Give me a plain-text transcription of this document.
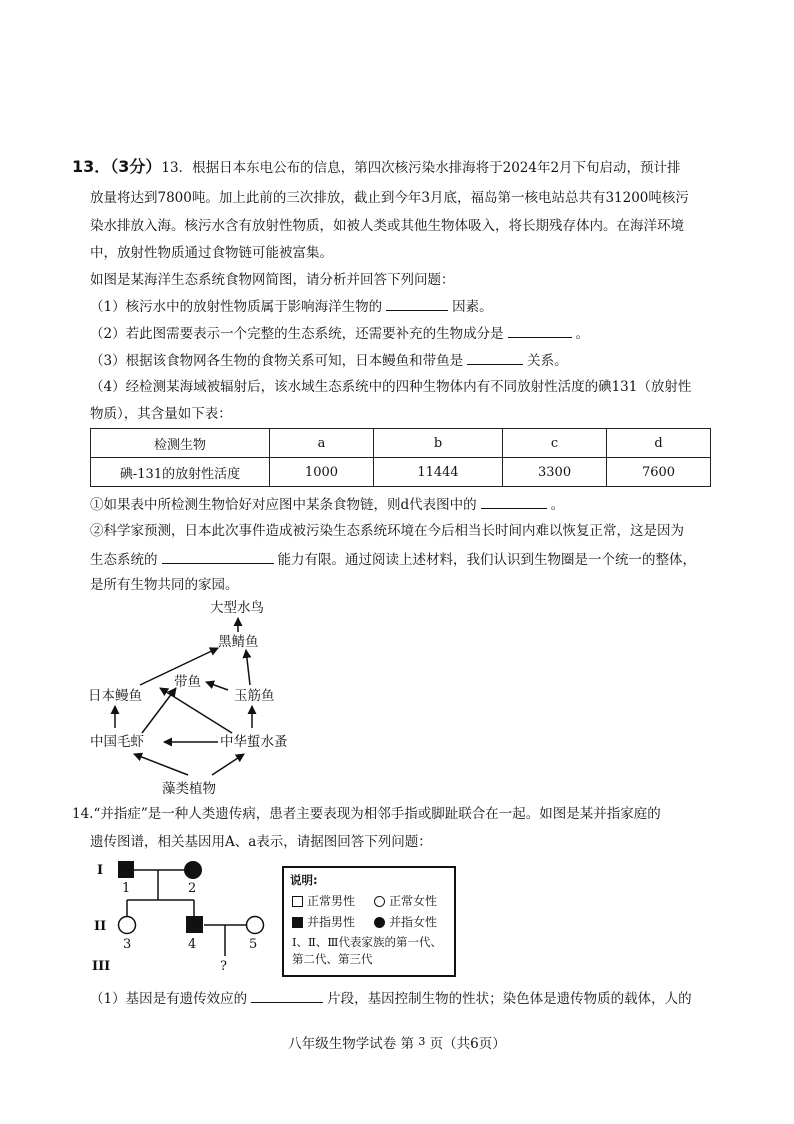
13．（3分）13．根据日本东电公布的信息，第四次核污染水排海将于2024年2月下旬启动，预计排
放量将达到7800吨。加上此前的三次排放，截止到今年3月底，福岛第一核电站总共有31200吨核污
染水排放入海。核污水含有放射性物质，如被人类或其他生物体吸入，将长期残存体内。在海洋环境
中，放射性物质通过食物链可能被富集。
如图是某海洋生态系统食物网简图，请分析并回答下列问题：
（1）核污水中的放射性物质属于影响海洋生物的	因素。
（2）若此图需要表示一个完整的生态系统，还需要补充的生物成分是	。
（3）根据该食物网各生物的食物关系可知，日本鳗鱼和带鱼是	关系。
（4）经检测某海域被辐射后，该水域生态系统中的四种生物体内有不同放射性活度的碘131（放射性
物质），其含量如下表：
检测生物	a	b	c	d
碘-131的放射性活度	1000	11444	3300	7600
①如果表中所检测生物恰好对应图中某条食物链，则d代表图中的	。
②科学家预测，日本此次事件造成被污染生态系统环境在今后相当长时间内难以恢复正常，这是因为
生态系统的	能力有限。通过阅读上述材料，我们认识到生物圈是一个统一的整体，
是所有生物共同的家园。
大型水鸟
黑鲭鱼
带鱼
日本鳗鱼	玉筋鱼
中国毛虾	中华蜇水蚤
藻类植物
14.“并指症”是一种人类遗传病，患者主要表现为相邻手指或脚趾联合在一起。如图是某并指家庭的
遗传图谱，相关基因用A、a表示，请据图回答下列问题：
I
II
III
1	2
3	4	5
?
说明:
正常男性	正常女性
并指男性	并指女性
Ⅰ、Ⅱ、Ⅲ代表家族的第一代、第二代、第三代
（1）基因是有遗传效应的	片段，基因控制生物的性状；染色体是遗传物质的载体，人的
八年级生物学试卷 第 $^3$ 页（共6页）
